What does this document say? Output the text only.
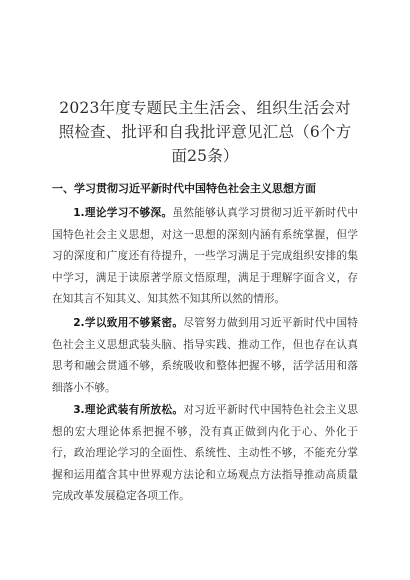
2023年度专题民主生活会、组织生活会对照检查、批评和自我批评意见汇总（6个方面25条）
一、学习贯彻习近平新时代中国特色社会主义思想方面

1.理论学习不够深。虽然能够认真学习贯彻习近平新时代中国特色社会主义思想，对这一思想的深刻内涵有系统掌握，但学习的深度和广度还有待提升，一些学习满足于完成组织安排的集中学习，满足于读原著学原文悟原理，满足于理解字面含义，存在知其言不知其义、知其然不知其所以然的情形。

2.学以致用不够紧密。尽管努力做到用习近平新时代中国特色社会主义思想武装头脑、指导实践、推动工作，但也存在认真思考和融会贯通不够，系统吸收和整体把握不够，活学活用和落细落小不够。

3.理论武装有所放松。对习近平新时代中国特色社会主义思想的宏大理论体系把握不够，没有真正做到内化于心、外化于行，政治理论学习的全面性、系统性、主动性不够，不能充分掌握和运用蕴含其中世界观方法论和立场观点方法指导推动高质量完成改革发展稳定各项工作。
